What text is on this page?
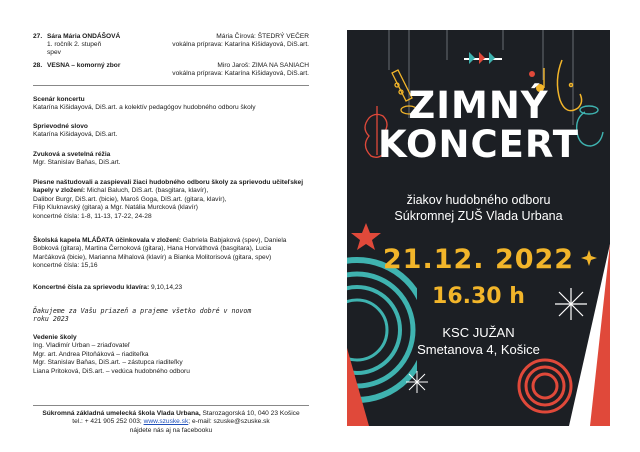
27. Sára Mária ONDÁŠOVÁ
1. ročník 2. stupeň spev
Mária Čírová: ŠTEDRÝ VEČER
vokálna príprava: Katarína Kišidayová, DiS.art.
28. VESNA – komorný zbor	Miro Jaroš: ZIMA NA SANIACH
vokálna príprava: Katarína Kišidayová, DiS.art.
Scenár koncertu
Katarína Kišidayová, DiS.art. a kolektív pedagógov hudobného odboru školy
Sprievodné slovo
Katarína Kišidayová, DiS.art.
Zvuková a svetelná réžia
Mgr. Stanislav Baňas, DiS.art.
Piesne naštudovali a zaspievali žiaci hudobného odboru školy za sprievodu učiteľskej kapely v zložení: Michal Baluch, DiS.art. (basgitara, klavír),
Dalibor Burgr, DiS.art. (bicie), Maroš Goga, DiS.art. (gitara, klavír),
Filip Kluknavský (gitara) a Mgr. Natália Murcková (klavír)
koncertné čísla: 1-8, 11-13, 17-22, 24-28
Školská kapela MLÁĎATA účinkovala v zložení: Gabriela Babjaková (spev), Daniela
Bobková (gitara), Martina Černoková (gitara), Hana Horváthová (basgitara), Lucia
Marčáková (bicie), Marianna Mihalová (klavír) a Bianka Molitorisová (gitara, spev)
koncertné čísla: 15,16
Koncertné čísla za sprievodu klavíra: 9,10,14,23
Ďakujeme za Vašu priazeň a prajeme všetko dobré v novom
roku 2023
Vedenie školy
Ing. Vladimír Urban – zriaďovateľ
Mgr. art. Andrea Pitoňáková – riaditeľka
Mgr. Stanislav Baňas, DiS.art. – zástupca riaditeľky
Liana Pritoková, DiS.art. – vedúca hudobného odboru
Súkromná základná umelecká škola Vlada Urbana, Starozagorská 10, 040 23 Košice
tel.: + 421 905 252 003; www.szuske.sk; e-mail: szuske@szuske.sk
nájdete nás aj na facebooku
ZIMNÝ
KONCERT
žiakov hudobného odboru
Súkromnej ZUŠ Vlada Urbana
21.12. 2022
16.30 h
KSC JUŽAN
Smetanova 4, Košice
